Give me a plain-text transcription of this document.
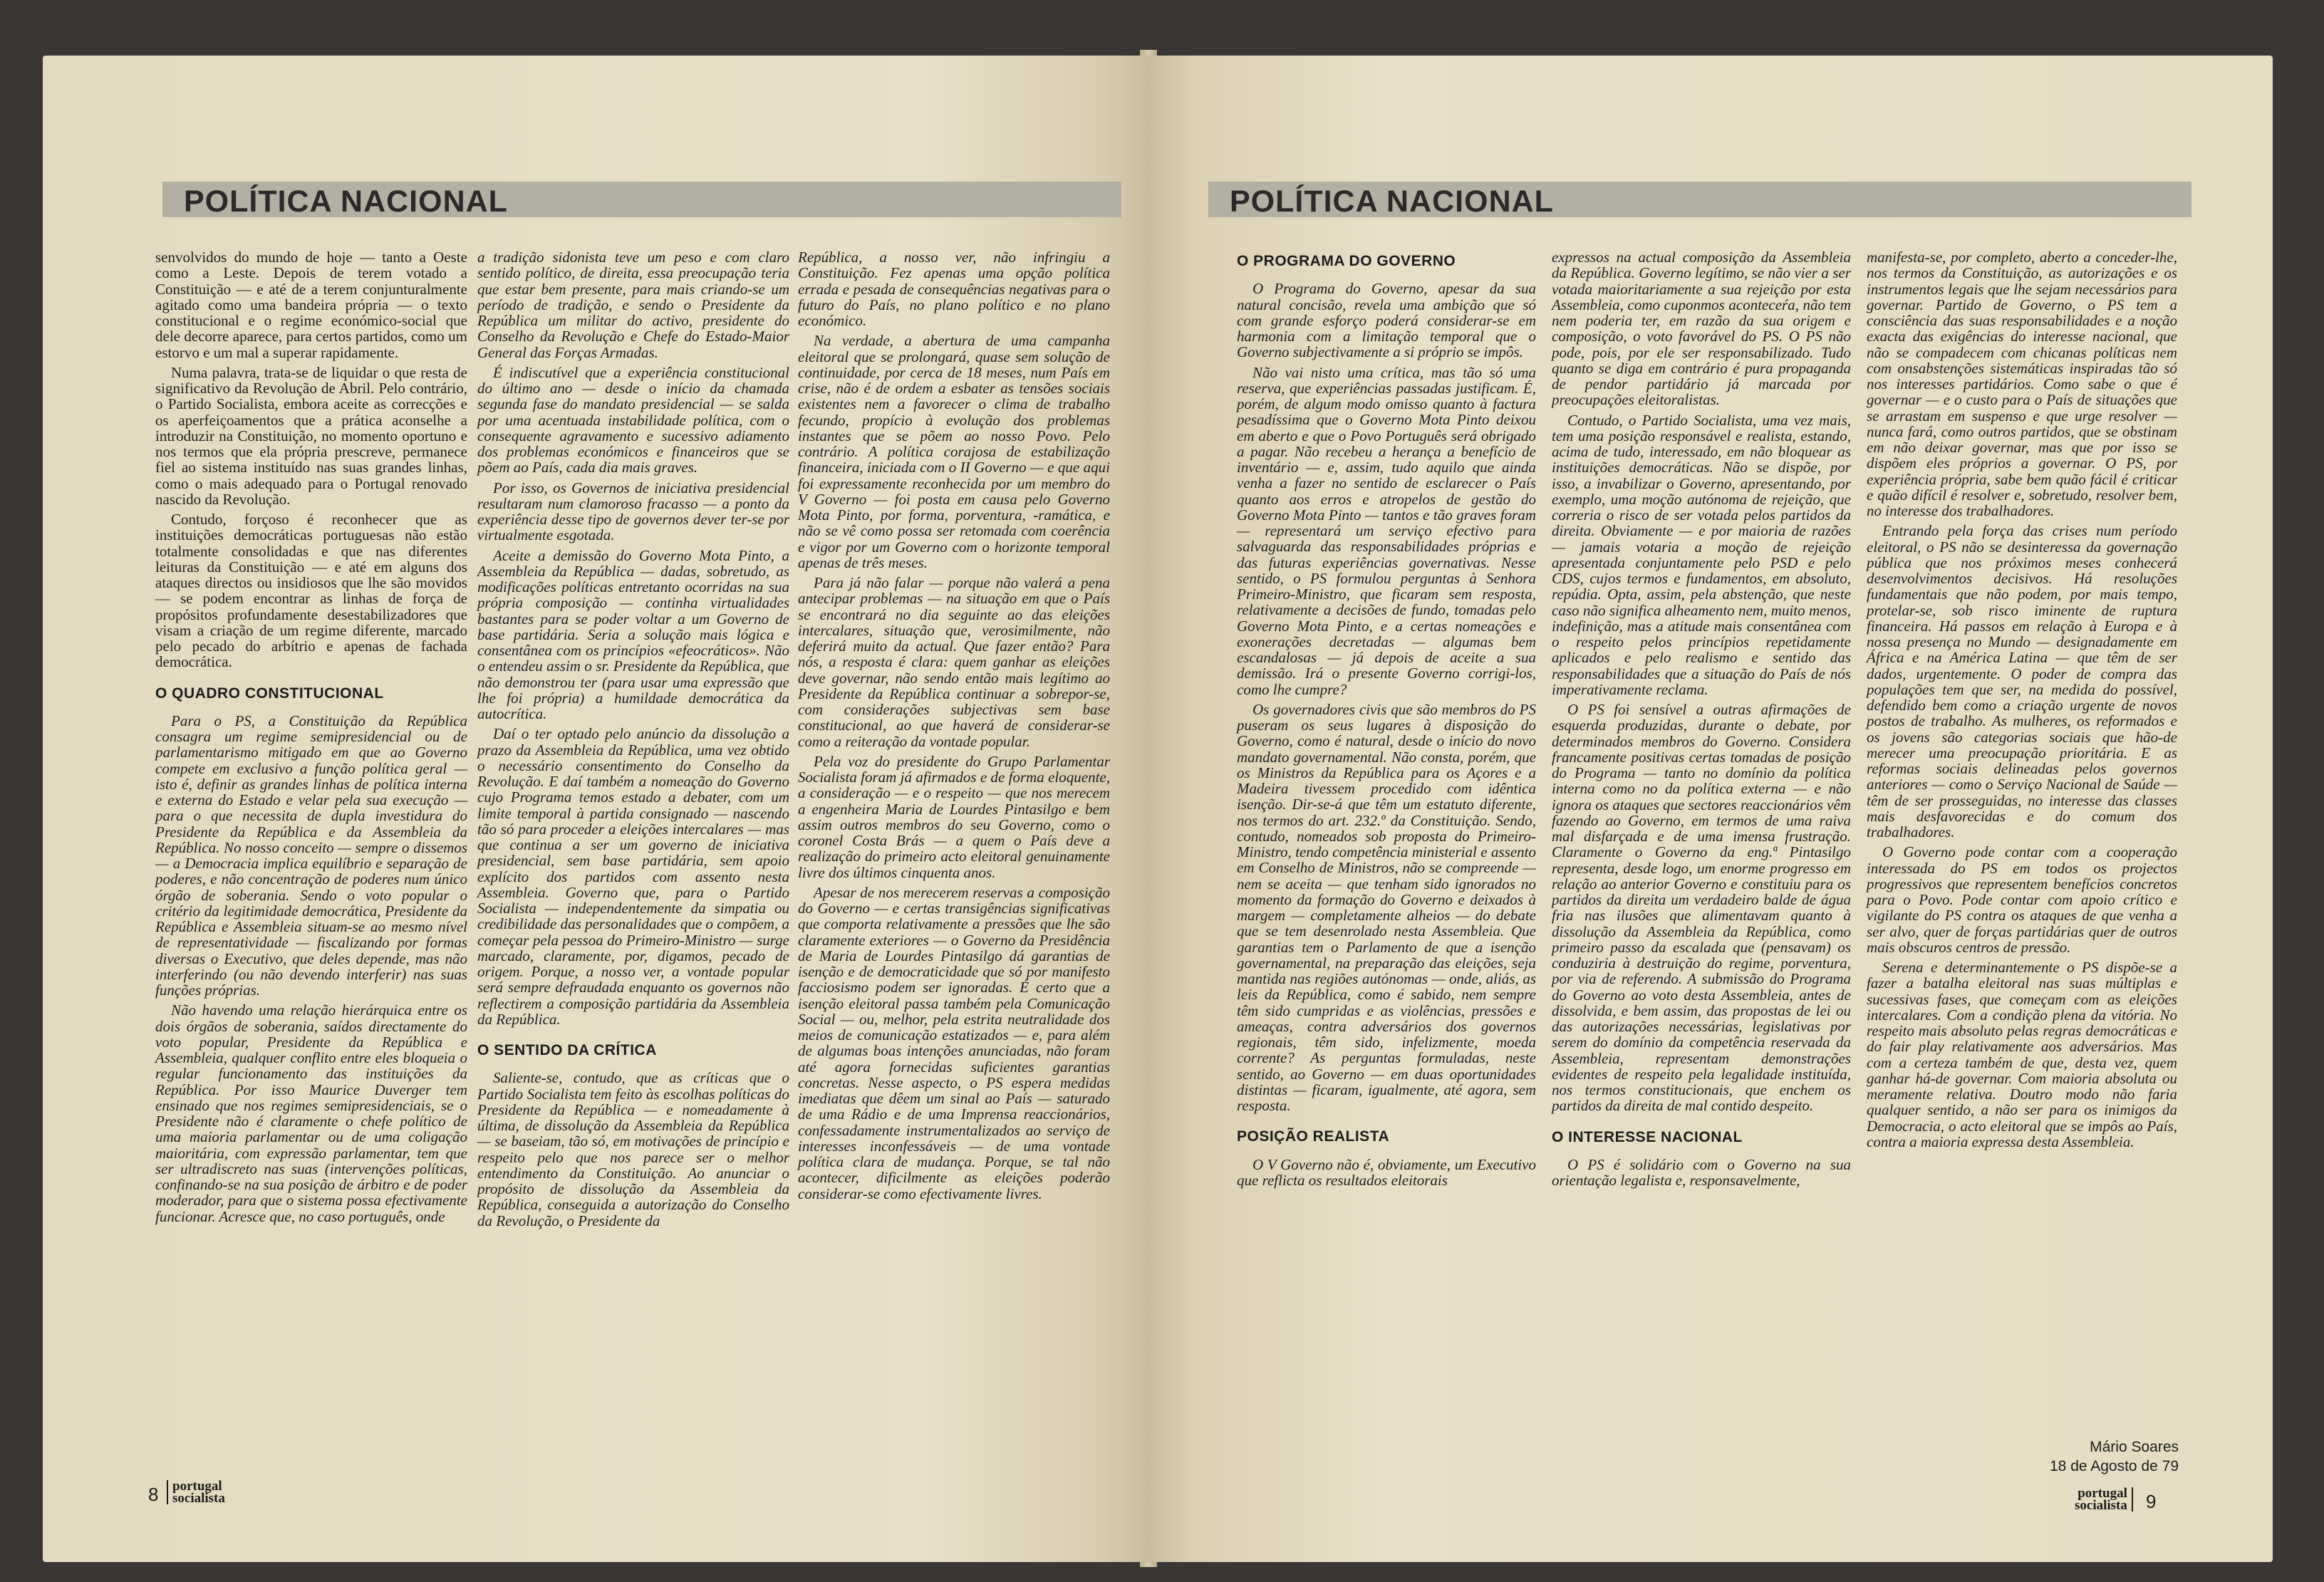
POLÍTICA NACIONAL

senvolvidos do mundo de hoje — tanto a Oeste como a Leste. Depois de terem votado a Constituição — e até de a terem conjunturalmente agitado como uma bandeira própria — o texto constitucional e o regime económico-social que dele decorre aparece, para certos partidos, como um estorvo e um mal a superar rapidamente.

Numa palavra, trata-se de liquidar o que resta de significativo da Revolução de Abril. Pelo contrário, o Partido Socialista, embora aceite as correcções e os aperfeiçoamentos que a prática aconselhe a introduzir na Constituição, no momento oportuno e nos termos que ela própria prescreve, permanece fiel ao sistema instituído nas suas grandes linhas, como o mais adequado para o Portugal renovado nascido da Revolução.

Contudo, forçoso é reconhecer que as instituições democráticas portuguesas não estão totalmente consolidadas e que nas diferentes leituras da Constituição — e até em alguns dos ataques directos ou insidiosos que lhe são movidos — se podem encontrar as linhas de força de propósitos profundamente desestabilizadores que visam a criação de um regime diferente, marcado pelo pecado do arbítrio e apenas de fachada democrática.

O QUADRO CONSTITUCIONAL

Para o PS, a Constituição da República consagra um regime semipresidencial ou de parlamentarismo mitigado em que ao Governo compete em exclusivo a função política geral — isto é, definir as grandes linhas de política interna e externa do Estado e velar pela sua execução — para o que necessita de dupla investidura do Presidente da República e da Assembleia da República. No nosso conceito — sempre o dissemos — a Democracia implica equilíbrio e separação de poderes, e não concentração de poderes num único órgão de soberania. Sendo o voto popular o critério da legitimidade democrática, Presidente da República e Assembleia situam-se ao mesmo nível de representatividade — fiscalizando por formas diversas o Executivo, que deles depende, mas não interferindo (ou não devendo interferir) nas suas funções próprias.

Não havendo uma relação hierárquica entre os dois órgãos de soberania, saídos directamente do voto popular, Presidente da República e Assembleia, qualquer conflito entre eles bloqueia o regular funcionamento das instituições da República. Por isso Maurice Duverger tem ensinado que nos regimes semipresidenciais, se o Presidente não é claramente o chefe político de uma maioria parlamentar ou de uma coligação maioritária, com expressão parlamentar, tem que ser ultradiscreto nas suas (intervenções políticas, confinando-se na sua posição de árbitro e de poder moderador, para que o sistema possa efectivamente funcionar. Acresce que, no caso português, onde

a tradição sidonista teve um peso e com claro sentido político, de direita, essa preocupação teria que estar bem presente, para mais criando-se um período de tradição, e sendo o Presidente da República um militar do activo, presidente do Conselho da Revolução e Chefe do Estado-Maior General das Forças Armadas.

É indiscutível que a experiência constitucional do último ano — desde o início da chamada segunda fase do mandato presidencial — se salda por uma acentuada instabilidade política, com o consequente agravamento e sucessivo adiamento dos problemas económicos e financeiros que se põem ao País, cada dia mais graves.

Por isso, os Governos de iniciativa presidencial resultaram num clamoroso fracasso — a ponto da experiência desse tipo de governos dever ter-se por virtualmente esgotada.

Aceite a demissão do Governo Mota Pinto, a Assembleia da República — dadas, sobretudo, as modificações políticas entretanto ocorridas na sua própria composição — continha virtualidades bastantes para se poder voltar a um Governo de base partidária. Seria a solução mais lógica e consentânea com os princípios «efeocráticos». Não o entendeu assim o sr. Presidente da República, que não demonstrou ter (para usar uma expressão que lhe foi própria) a humildade democrática da autocrítica.

Daí o ter optado pelo anúncio da dissolução a prazo da Assembleia da República, uma vez obtido o necessário consentimento do Conselho da Revolução. E daí também a nomeação do Governo cujo Programa temos estado a debater, com um limite temporal à partida consignado — nascendo tão só para proceder a eleições intercalares — mas que continua a ser um governo de iniciativa presidencial, sem base partidária, sem apoio explícito dos partidos com assento nesta Assembleia. Governo que, para o Partido Socialista — independentemente da simpatia ou credibilidade das personalidades que o compõem, a começar pela pessoa do Primeiro-Ministro — surge marcado, claramente, por, digamos, pecado de origem. Porque, a nosso ver, a vontade popular será sempre defraudada enquanto os governos não reflectirem a composição partidária da Assembleia da República.

O SENTIDO DA CRÍTICA

Saliente-se, contudo, que as críticas que o Partido Socialista tem feito às escolhas políticas do Presidente da República — e nomeadamente à última, de dissolução da Assembleia da República — se baseiam, tão só, em motivações de princípio e respeito pelo que nos parece ser o melhor entendimento da Constituição. Ao anunciar o propósito de dissolução da Assembleia da República, conseguida a autorização do Conselho da Revolução, o Presidente da

República, a nosso ver, não infringiu a Constituição. Fez apenas uma opção política errada e pesada de consequências negativas para o futuro do País, no plano político e no plano económico.

Na verdade, a abertura de uma campanha eleitoral que se prolongará, quase sem solução de continuidade, por cerca de 18 meses, num País em crise, não é de ordem a esbater as tensões sociais existentes nem a favorecer o clima de trabalho fecundo, propício à evolução dos problemas instantes que se põem ao nosso Povo. Pelo contrário. A política corajosa de estabilização financeira, iniciada com o II Governo — e que aqui foi expressamente reconhecida por um membro do V Governo — foi posta em causa pelo Governo Mota Pinto, por forma, porventura, -ramática, e não se vê como possa ser retomada com coerência e vigor por um Governo com o horizonte temporal apenas de três meses.

Para já não falar — porque não valerá a pena antecipar problemas — na situação em que o País se encontrará no dia seguinte ao das eleições intercalares, situação que, verosimilmente, não deferirá muito da actual. Que fazer então? Para nós, a resposta é clara: quem ganhar as eleições deve governar, não sendo então mais legítimo ao Presidente da República continuar a sobrepor-se, com considerações subjectivas sem base constitucional, ao que haverá de considerar-se como a reiteração da vontade popular.

Pela voz do presidente do Grupo Parlamentar Socialista foram já afirmados e de forma eloquente, a consideração — e o respeito — que nos merecem a engenheira Maria de Lourdes Pintasilgo e bem assim outros membros do seu Governo, como o coronel Costa Brás — a quem o País deve a realização do primeiro acto eleitoral genuinamente livre dos últimos cinquenta anos.

Apesar de nos merecerem reservas a composição do Governo — e certas transigências significativas que comporta relativamente a pressões que lhe são claramente exteriores — o Governo da Presidência de Maria de Lourdes Pintasilgo dá garantias de isenção e de democraticidade que só por manifesto facciosismo podem ser ignoradas. É certo que a isenção eleitoral passa também pela Comunicação Social — ou, melhor, pela estrita neutralidade dos meios de comunicação estatizados — e, para além de algumas boas intenções anunciadas, não foram até agora fornecidas suficientes garantias concretas. Nesse aspecto, o PS espera medidas imediatas que dêem um sinal ao País — saturado de uma Rádio e de uma Imprensa reaccionários, confessadamente instrumentalizados ao serviço de interesses inconfessáveis — de uma vontade política clara de mudança. Porque, se tal não acontecer, dificilmente as eleições poderão considerar-se como efectivamente livres.

8 portugal
socialista
POLÍTICA NACIONAL
O PROGRAMA DO GOVERNO

O Programa do Governo, apesar da sua natural concisão, revela uma ambição que só com grande esforço poderá considerar-se em harmonia com a limitação temporal que o Governo subjectivamente a si próprio se impôs.

Não vai nisto uma crítica, mas tão só uma reserva, que experiências passadas justificam. É, porém, de algum modo omisso quanto à factura pesadíssima que o Governo Mota Pinto deixou em aberto e que o Povo Português será obrigado a pagar. Não recebeu a herança a benefício de inventário — e, assim, tudo aquilo que ainda venha a fazer no sentido de esclarecer o País quanto aos erros e atropelos de gestão do Governo Mota Pinto — tantos e tão graves foram — representará um serviço efectivo para salvaguarda das responsabilidades próprias e das futuras experiências governativas. Nesse sentido, o PS formulou perguntas à Senhora Primeiro-Ministro, que ficaram sem resposta, relativamente a decisões de fundo, tomadas pelo Governo Mota Pinto, e a certas nomeações e exonerações decretadas — algumas bem escandalosas — já depois de aceite a sua demissão. Irá o presente Governo corrigi-los, como lhe cumpre?

Os governadores civis que são membros do PS puseram os seus lugares à disposição do Governo, como é natural, desde o início do novo mandato governamental. Não consta, porém, que os Ministros da República para os Açores e a Madeira tivessem procedido com idêntica isenção. Dir-se-á que têm um estatuto diferente, nos termos do art. 232.º da Constituição. Sendo, contudo, nomeados sob proposta do Primeiro-Ministro, tendo competência ministerial e assento em Conselho de Ministros, não se compreende — nem se aceita — que tenham sido ignorados no momento da formação do Governo e deixados à margem — completamente alheios — do debate que se tem desenrolado nesta Assembleia. Que garantias tem o Parlamento de que a isenção governamental, na preparação das eleições, seja mantida nas regiões autónomas — onde, aliás, as leis da República, como é sabido, nem sempre têm sido cumpridas e as violências, pressões e ameaças, contra adversários dos governos regionais, têm sido, infelizmente, moeda corrente? As perguntas formuladas, neste sentido, ao Governo — em duas oportunidades distintas — ficaram, igualmente, até agora, sem resposta.

POSIÇÃO REALISTA

O V Governo não é, obviamente, um Executivo que reflicta os resultados eleitorais

expressos na actual composição da Assembleia da República. Governo legítimo, se não vier a ser votada maioritariamente a sua rejeição por esta Assembleia, como cuponmos aconteceŕa, não tem nem poderia ter, em razão da sua origem e composição, o voto favorável do PS. O PS não pode, pois, por ele ser responsabilizado. Tudo quanto se diga em contrário é pura propaganda de pendor partidário já marcada por preocupações eleitoralistas.

Contudo, o Partido Socialista, uma vez mais, tem uma posição responsável e realista, estando, acima de tudo, interessado, em não bloquear as instituições democráticas. Não se dispõe, por isso, a invabilizar o Governo, apresentando, por exemplo, uma moção autónoma de rejeição, que correria o risco de ser votada pelos partidos da direita. Obviamente — e por maioria de razões — jamais votaria a moção de rejeição apresentada conjuntamente pelo PSD e pelo CDS, cujos termos e fundamentos, em absoluto, repúdia. Opta, assim, pela abstenção, que neste caso não significa alheamento nem, muito menos, indefinição, mas a atitude mais consentânea com o respeito pelos princípios repetidamente aplicados e pelo realismo e sentido das responsabilidades que a situação do País de nós imperativamente reclama.

O PS foi sensível a outras afirmações de esquerda produzidas, durante o debate, por determinados membros do Governo. Considera francamente positivas certas tomadas de posição do Programa — tanto no domínio da política interna como no da política externa — e não ignora os ataques que sectores reaccionários vêm fazendo ao Governo, em termos de uma raiva mal disfarçada e de uma imensa frustração. Claramente o Governo da eng.ª Pintasilgo representa, desde logo, um enorme progresso em relação ao anterior Governo e constituiu para os partidos da direita um verdadeiro balde de água fria nas ilusões que alimentavam quanto à dissolução da Assembleia da República, como primeiro passo da escalada que (pensavam) os conduziria à destruição do regime, porventura, por via de referendo. A submissão do Programa do Governo ao voto desta Assembleia, antes de dissolvida, e bem assim, das propostas de lei ou das autorizações necessárias, legislativas por serem do domínio da competência reservada da Assembleia, representam demonstrações evidentes de respeito pela legalidade instituída, nos termos constitucionais, que enchem os partidos da direita de mal contido despeito.

O INTERESSE NACIONAL

O PS é solidário com o Governo na sua orientação legalista e, responsavelmente,

manifesta-se, por completo, aberto a conceder-lhe, nos termos da Constituição, as autorizações e os instrumentos legais que lhe sejam necessários para governar. Partido de Governo, o PS tem a consciência das suas responsabilidades e a noção exacta das exigências do interesse nacional, que não se compadecem com chicanas políticas nem com onsabstenções sistemáticas inspiradas tão só nos interesses partidários. Como sabe o que é governar — e o custo para o País de situações que se arrastam em suspenso e que urge resolver — nunca fará, como outros partidos, que se obstinam em não deixar governar, mas que por isso se dispõem eles próprios a governar. O PS, por experiência própria, sabe bem quão fácil é criticar e quão difícil é resolver e, sobretudo, resolver bem, no interesse dos trabalhadores.

Entrando pela força das crises num período eleitoral, o PS não se desinteressa da governação pública que nos próximos meses conhecerá desenvolvimentos decisivos. Há resoluções fundamentais que não podem, por mais tempo, protelar-se, sob risco iminente de ruptura financeira. Há passos em relação à Europa e à nossa presença no Mundo — designadamente em África e na América Latina — que têm de ser dados, urgentemente. O poder de compra das populações tem que ser, na medida do possível, defendido bem como a criação urgente de novos postos de trabalho. As mulheres, os reformados e os jovens são categorias sociais que hão-de merecer uma preocupação prioritária. E as reformas sociais delineadas pelos governos anteriores — como o Serviço Nacional de Saúde — têm de ser prosseguidas, no interesse das classes mais desfavorecidas e do comum dos trabalhadores.

O Governo pode contar com a cooperação interessada do PS em todos os projectos progressivos que representem benefícios concretos para o Povo. Pode contar com apoio crítico e vigilante do PS contra os ataques de que venha a ser alvo, quer de forças partidárias quer de outros mais obscuros centros de pressão.

Serena e determinantemente o PS dispõe-se a fazer a batalha eleitoral nas suas múltiplas e sucessivas fases, que começam com as eleições intercalares. Com a condição plena da vitória. No respeito mais absoluto pelas regras democráticas e do fair play relativamente aos adversários. Mas com a certeza também de que, desta vez, quem ganhar há-de governar. Com maioria absoluta ou meramente relativa. Doutro modo não faria qualquer sentido, a não ser para os inimigos da Democracia, o acto eleitoral que se impôs ao País, contra a maioria expressa desta Assembleia.

Mário Soares
18 de Agosto de 79
portugal
socialista 9
